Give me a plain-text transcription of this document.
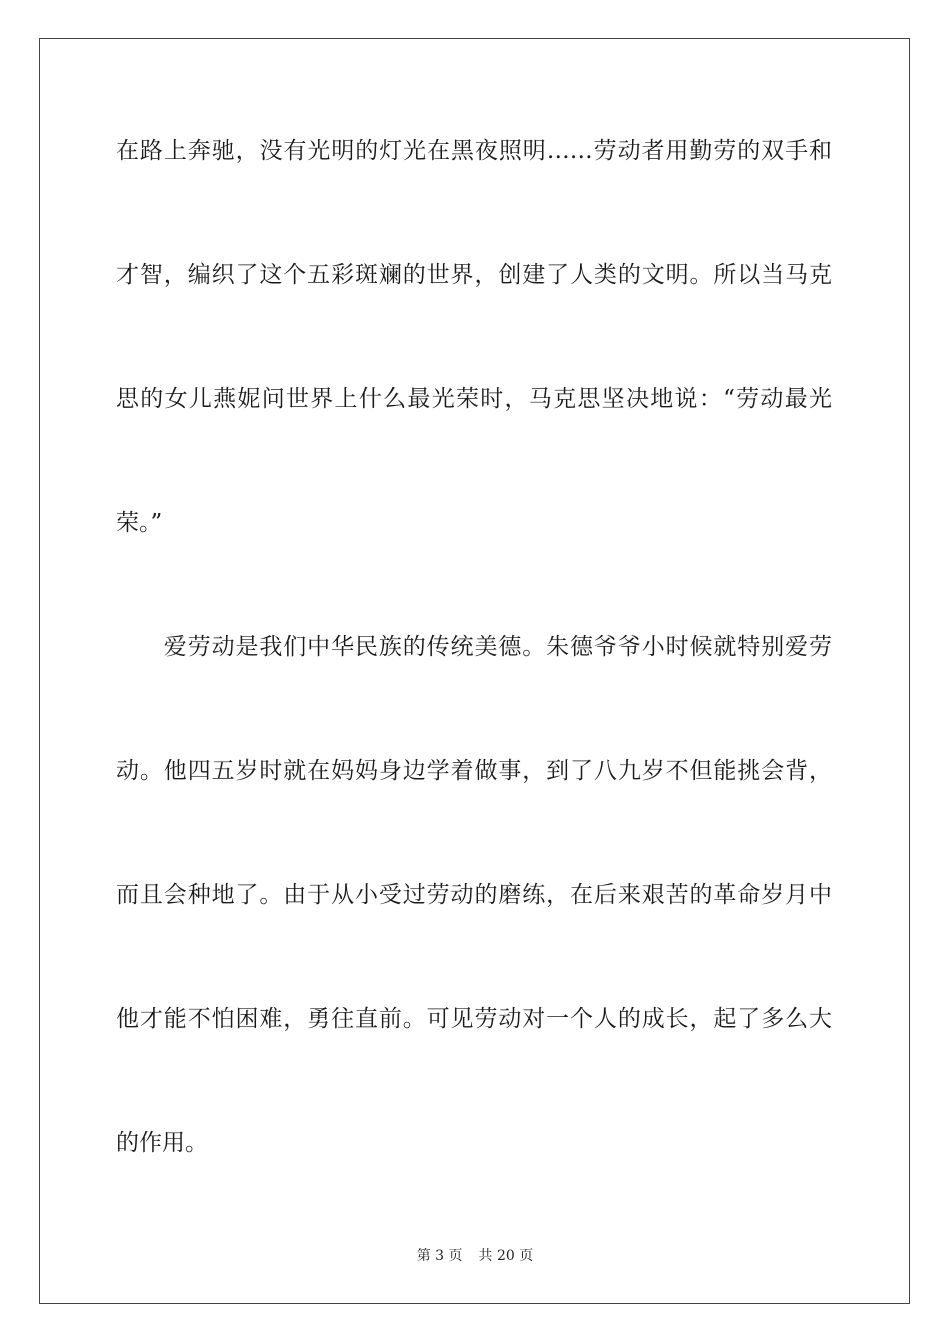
在路上奔驰，没有光明的灯光在黑夜照明……劳动者用勤劳的双手和
才智，编织了这个五彩斑斓的世界，创建了人类的文明。所以当马克
思的女儿燕妮问世界上什么最光荣时，马克思坚决地说：“劳动最光
荣。”
　　爱劳动是我们中华民族的传统美德。朱德爷爷小时候就特别爱劳
动。他四五岁时就在妈妈身边学着做事，到了八九岁不但能挑会背，
而且会种地了。由于从小受过劳动的磨练，在后来艰苦的革命岁月中
他才能不怕困难，勇往直前。可见劳动对一个人的成长，起了多么大
的作用。
第 3 页 共 20 页
